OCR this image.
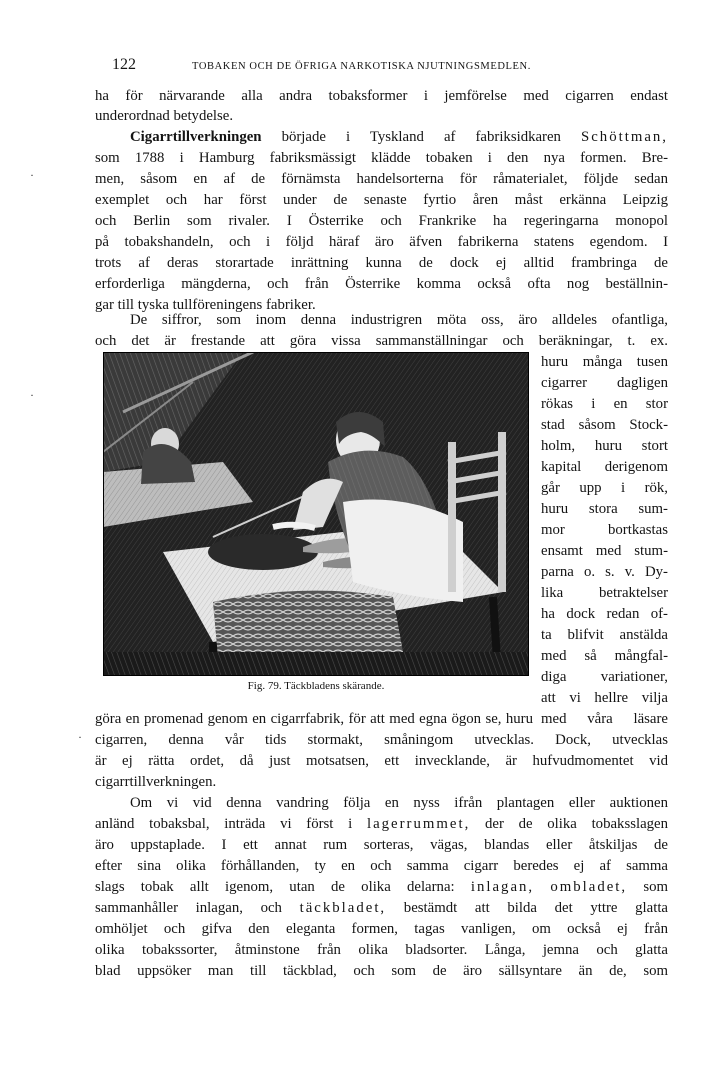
122	TOBAKEN OCH DE ÖFRIGA NARKOTISKA NJUTNINGSMEDLEN.
ha för närvarande alla andra tobaksformer i jemförelse med cigarren endast
underordnad betydelse.
Cigarrtillverkningen började i Tyskland af fabriksidkaren Schöttman,
som 1788 i Hamburg fabriksmässigt klädde tobaken i den nya formen. Bre-
men, såsom en af de förnämsta handelsorterna för råmaterialet, följde sedan
exemplet och har först under de senaste fyrtio åren måst erkänna Leipzig
och Berlin som rivaler. I Österrike och Frankrike ha regeringarna monopol
på tobakshandeln, och i följd häraf äro äfven fabrikerna statens egendom. I
trots af deras storartade inrättning kunna de dock ej alltid frambringa de
erforderliga mängderna, och från Österrike komma också ofta nog beställnin-
gar till tyska tullföreningens fabriker.
De siffror, som inom denna industrigren möta oss, äro alldeles ofantliga,
och det är frestande att göra vissa sammanställningar och beräkningar, t. ex.
huru många tusen
cigarrer dagligen
rökas i en stor
stad såsom Stock-
holm, huru stort
kapital derigenom
går upp i rök,
huru stora sum-
mor bortkastas
ensamt med stum-
parna o. s. v. Dy-
lika betraktelser
ha dock redan of-
ta blifvit anstälda
med så mångfal-
diga variationer,
att vi hellre vilja
med våra läsare
Fig. 79. Täckbladens skärande.
göra en promenad genom en cigarrfabrik, för att med egna ögon se, huru
cigarren, denna vår tids stormakt, småningom utvecklas. Dock, utvecklas
är ej rätta ordet, då just motsatsen, ett invecklande, är hufvudmomentet vid
cigarrtillverkningen.
Om vi vid denna vandring följa en nyss ifrån plantagen eller auktionen
anländ tobaksbal, inträda vi först i lagerrummet, der de olika tobaksslagen
äro uppstaplade. I ett annat rum sorteras, vägas, blandas eller åtskiljas de
efter sina olika förhållanden, ty en och samma cigarr beredes ej af samma
slags tobak allt igenom, utan de olika delarna: inlagan, ombladet, som
sammanhåller inlagan, och täckbladet, bestämdt att bilda det yttre glatta
omhöljet och gifva den eleganta formen, tagas vanligen, om också ej från
olika tobakssorter, åtminstone från olika bladsorter. Långa, jemna och glatta
blad uppsöker man till täckblad, och som de äro sällsyntare än de, som
·
·
·
